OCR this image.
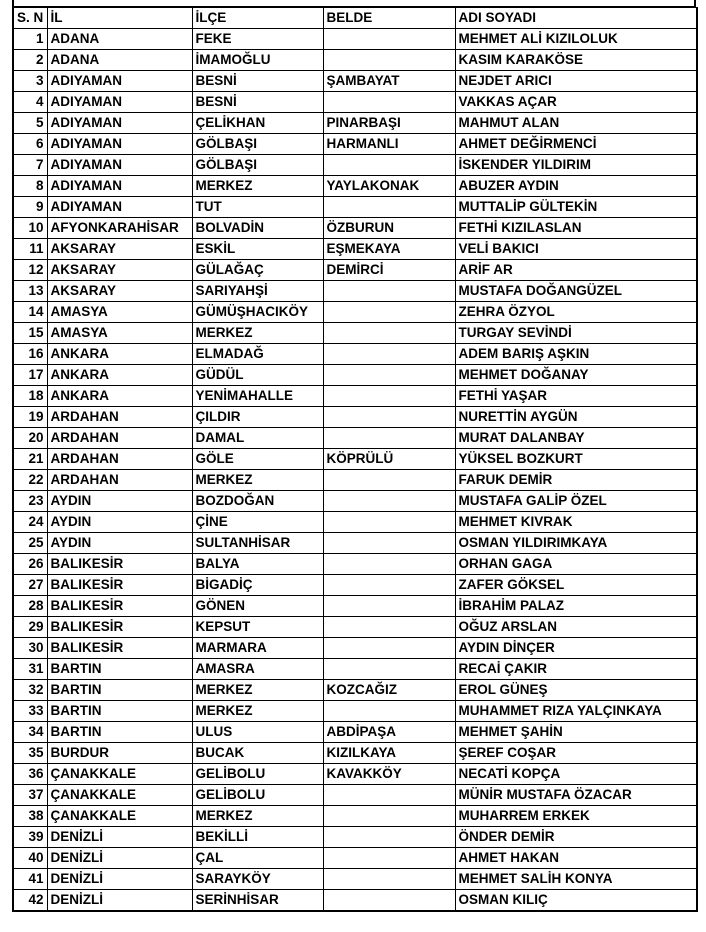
S. N	İL	İLÇE	BELDE	ADI SOYADI
1	ADANA	FEKE		MEHMET ALİ KIZILOLUK
2	ADANA	İMAMOĞLU		KASIM KARAKÖSE
3	ADIYAMAN	BESNİ	ŞAMBAYAT	NEJDET ARICI
4	ADIYAMAN	BESNİ		VAKKAS AÇAR
5	ADIYAMAN	ÇELİKHAN	PINARBAŞI	MAHMUT ALAN
6	ADIYAMAN	GÖLBAŞI	HARMANLI	AHMET DEĞİRMENCİ
7	ADIYAMAN	GÖLBAŞI		İSKENDER YILDIRIM
8	ADIYAMAN	MERKEZ	YAYLAKONAK	ABUZER AYDIN
9	ADIYAMAN	TUT		MUTTALİP GÜLTEKİN
10	AFYONKARAHİSAR	BOLVADİN	ÖZBURUN	FETHİ KIZILASLAN
11	AKSARAY	ESKİL	EŞMEKAYA	VELİ BAKICI
12	AKSARAY	GÜLAĞAÇ	DEMİRCİ	ARİF AR
13	AKSARAY	SARIYAHŞİ		MUSTAFA DOĞANGÜZEL
14	AMASYA	GÜMÜŞHACIKÖY		ZEHRA ÖZYOL
15	AMASYA	MERKEZ		TURGAY SEVİNDİ
16	ANKARA	ELMADAĞ		ADEM BARIŞ AŞKIN
17	ANKARA	GÜDÜL		MEHMET DOĞANAY
18	ANKARA	YENİMAHALLE		FETHİ YAŞAR
19	ARDAHAN	ÇILDIR		NURETTİN AYGÜN
20	ARDAHAN	DAMAL		MURAT DALANBAY
21	ARDAHAN	GÖLE	KÖPRÜLÜ	YÜKSEL BOZKURT
22	ARDAHAN	MERKEZ		FARUK DEMİR
23	AYDIN	BOZDOĞAN		MUSTAFA GALİP ÖZEL
24	AYDIN	ÇİNE		MEHMET KIVRAK
25	AYDIN	SULTANHİSAR		OSMAN YILDIRIMKAYA
26	BALIKESİR	BALYA		ORHAN GAGA
27	BALIKESİR	BİGADİÇ		ZAFER GÖKSEL
28	BALIKESİR	GÖNEN		İBRAHİM PALAZ
29	BALIKESİR	KEPSUT		OĞUZ ARSLAN
30	BALIKESİR	MARMARA		AYDIN DİNÇER
31	BARTIN	AMASRA		RECAİ ÇAKIR
32	BARTIN	MERKEZ	KOZCAĞIZ	EROL GÜNEŞ
33	BARTIN	MERKEZ		MUHAMMET RIZA YALÇINKAYA
34	BARTIN	ULUS	ABDİPAŞA	MEHMET ŞAHİN
35	BURDUR	BUCAK	KIZILKAYA	ŞEREF COŞAR
36	ÇANAKKALE	GELİBOLU	KAVAKKÖY	NECATİ KOPÇA
37	ÇANAKKALE	GELİBOLU		MÜNİR MUSTAFA ÖZACAR
38	ÇANAKKALE	MERKEZ		MUHARREM ERKEK
39	DENİZLİ	BEKİLLİ		ÖNDER DEMİR
40	DENİZLİ	ÇAL		AHMET HAKAN
41	DENİZLİ	SARAYKÖY		MEHMET SALİH KONYA
42	DENİZLİ	SERİNHİSAR		OSMAN KILIÇ
